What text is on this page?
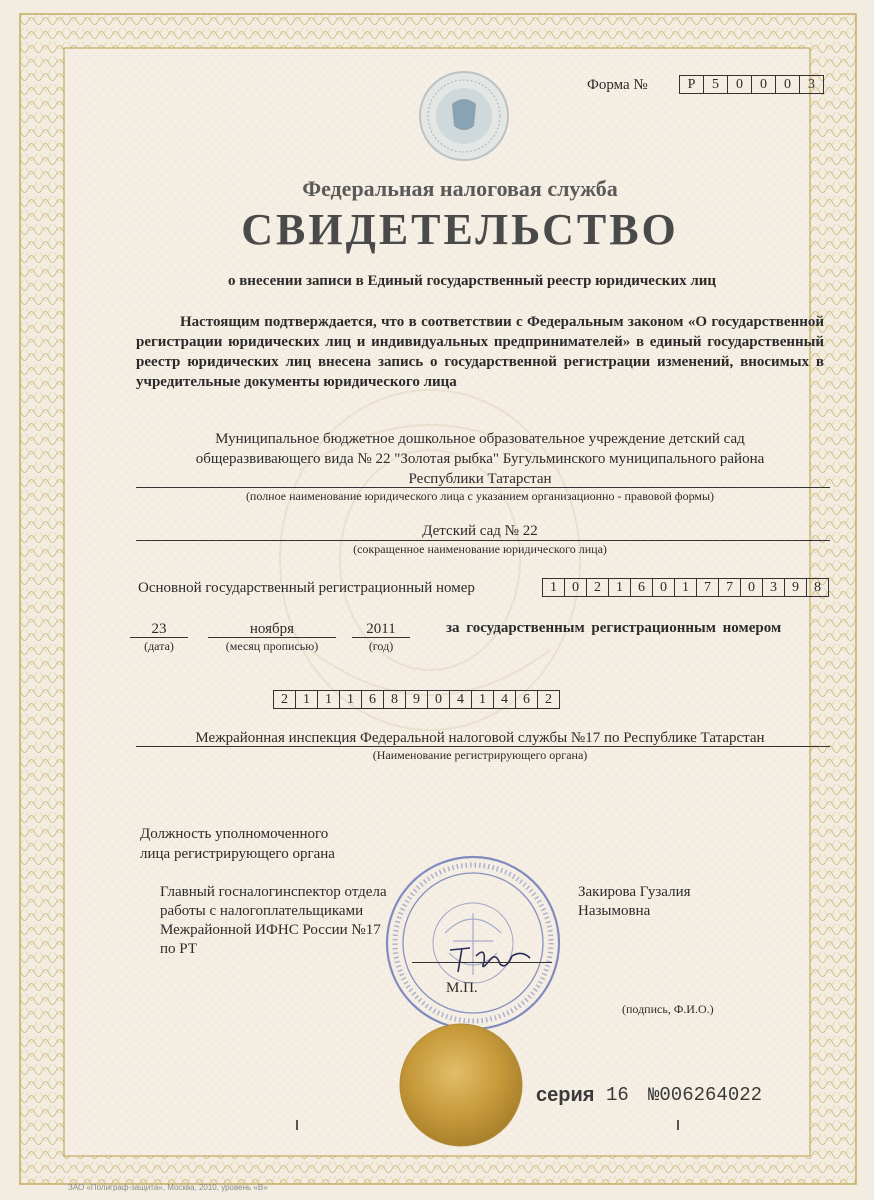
Форма №	Р	5	0	0	0	3
Федеральная налоговая служба
СВИДЕТЕЛЬСТВО
о внесении записи в Единый государственный реестр юридических лиц
Настоящим подтверждается, что в соответствии с Федеральным законом «О государственной регистрации юридических лиц и индивидуальных предпринимателей» в единый государственный реестр юридических лиц внесена запись о государственной регистрации изменений, вносимых в учредительные документы юридического лица
Муниципальное бюджетное дошкольное образовательное учреждение детский сад
общеразвивающего вида № 22 "Золотая рыбка" Бугульминского муниципального района
Республики Татарстан
(полное наименование юридического лица с указанием организационно - правовой формы)
Детский сад № 22
(сокращенное наименование юридического лица)
Основной государственный регистрационный номер	1	0	2	1	6	0	1	7	7	0	3	9	8
23
(дата)
ноября
(месяц прописью)
2011
(год)
за государственным регистрационным номером
2	1	1	1	6	8	9	0	4	1	4	6	2
Межрайонная инспекция Федеральной налоговой службы №17 по Республике Татарстан
(Наименование регистрирующего органа)
Должность уполномоченного
лица регистрирующего органа
Главный госналогинспектор отдела
работы с налогоплательщиками
Межрайонной ИФНС России №17
по РТ
Закирова Гузалия
Назымовна
М.П.
(подпись, Ф.И.О.)
серия 16 №006264022
ЗАО «Полиграф-защита», Москва, 2010, уровень «В»
